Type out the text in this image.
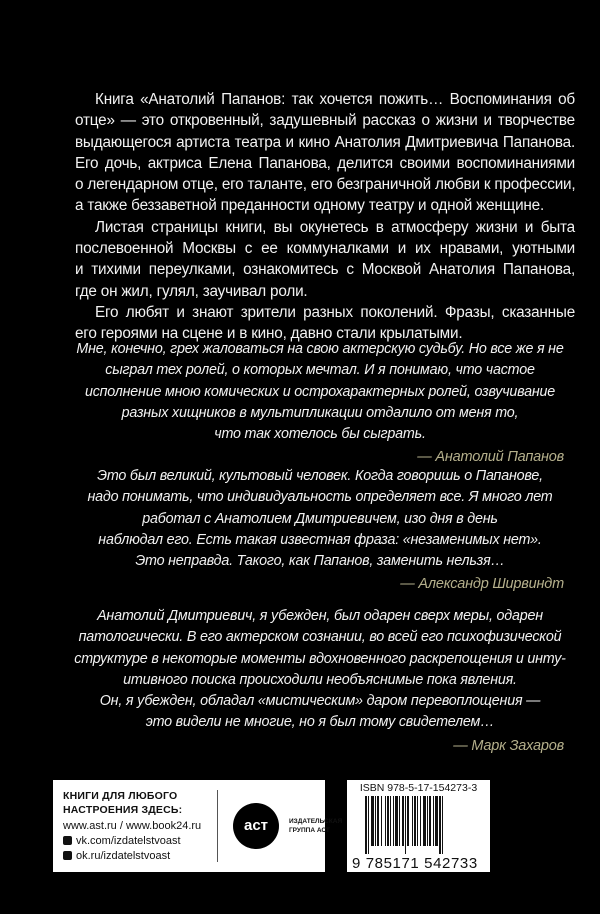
Книга «Анатолий Папанов: так хочется пожить… Воспоминания об
отце» — это откровенный, задушевный рассказ о жизни и творчестве
выдающегося артиста театра и кино Анатолия Дмитриевича Папанова.
Его дочь, актриса Елена Папанова, делится своими воспоминаниями
о легендарном отце, его таланте, его безграничной любви к профессии,
а также беззаветной преданности одному театру и одной женщине.
Листая страницы книги, вы окунетесь в атмосферу жизни и быта
послевоенной Москвы с ее коммуналками и их нравами, уютными
и тихими переулками, ознакомитесь с Москвой Анатолия Папанова,
где он жил, гулял, заучивал роли.
Его любят и знают зрители разных поколений. Фразы, сказанные
его героями на сцене и в кино, давно стали крылатыми.
Мне, конечно, грех жаловаться на свою актерскую судьбу. Но все же я не
сыграл тех ролей, о которых мечтал. И я понимаю, что частое
исполнение мною комических и острохарактерных ролей, озвучивание
разных хищников в мультипликации отдалило от меня то,
что так хотелось бы сыграть.
— Анатолий Папанов
Это был великий, культовый человек. Когда говоришь о Папанове,
надо понимать, что индивидуальность определяет все. Я много лет
работал с Анатолием Дмитриевичем, изо дня в день
наблюдал его. Есть такая известная фраза: «незаменимых нет».
Это неправда. Такого, как Папанов, заменить нельзя…
— Александр Ширвиндт
Анатолий Дмитриевич, я убежден, был одарен сверх меры, одарен
патологически. В его актерском сознании, во всей его психофизической
структуре в некоторые моменты вдохновенного раскрепощения и инту-
итивного поиска происходили необъяснимые пока явления.
Он, я убежден, обладал «мистическим» даром перевоплощения —
это видели не многие, но я был тому свидетелем…
— Марк Захаров
КНИГИ ДЛЯ ЛЮБОГО
НАСТРОЕНИЯ ЗДЕСЬ:
www.ast.ru / www.book24.ru
vk.com/izdatelstvoast
ok.ru/izdatelstvoast
аст	ИЗДАТЕЛЬСКАЯ
ГРУППА АСТ
ISBN 978-5-17-154273-3
9 785171 542733
